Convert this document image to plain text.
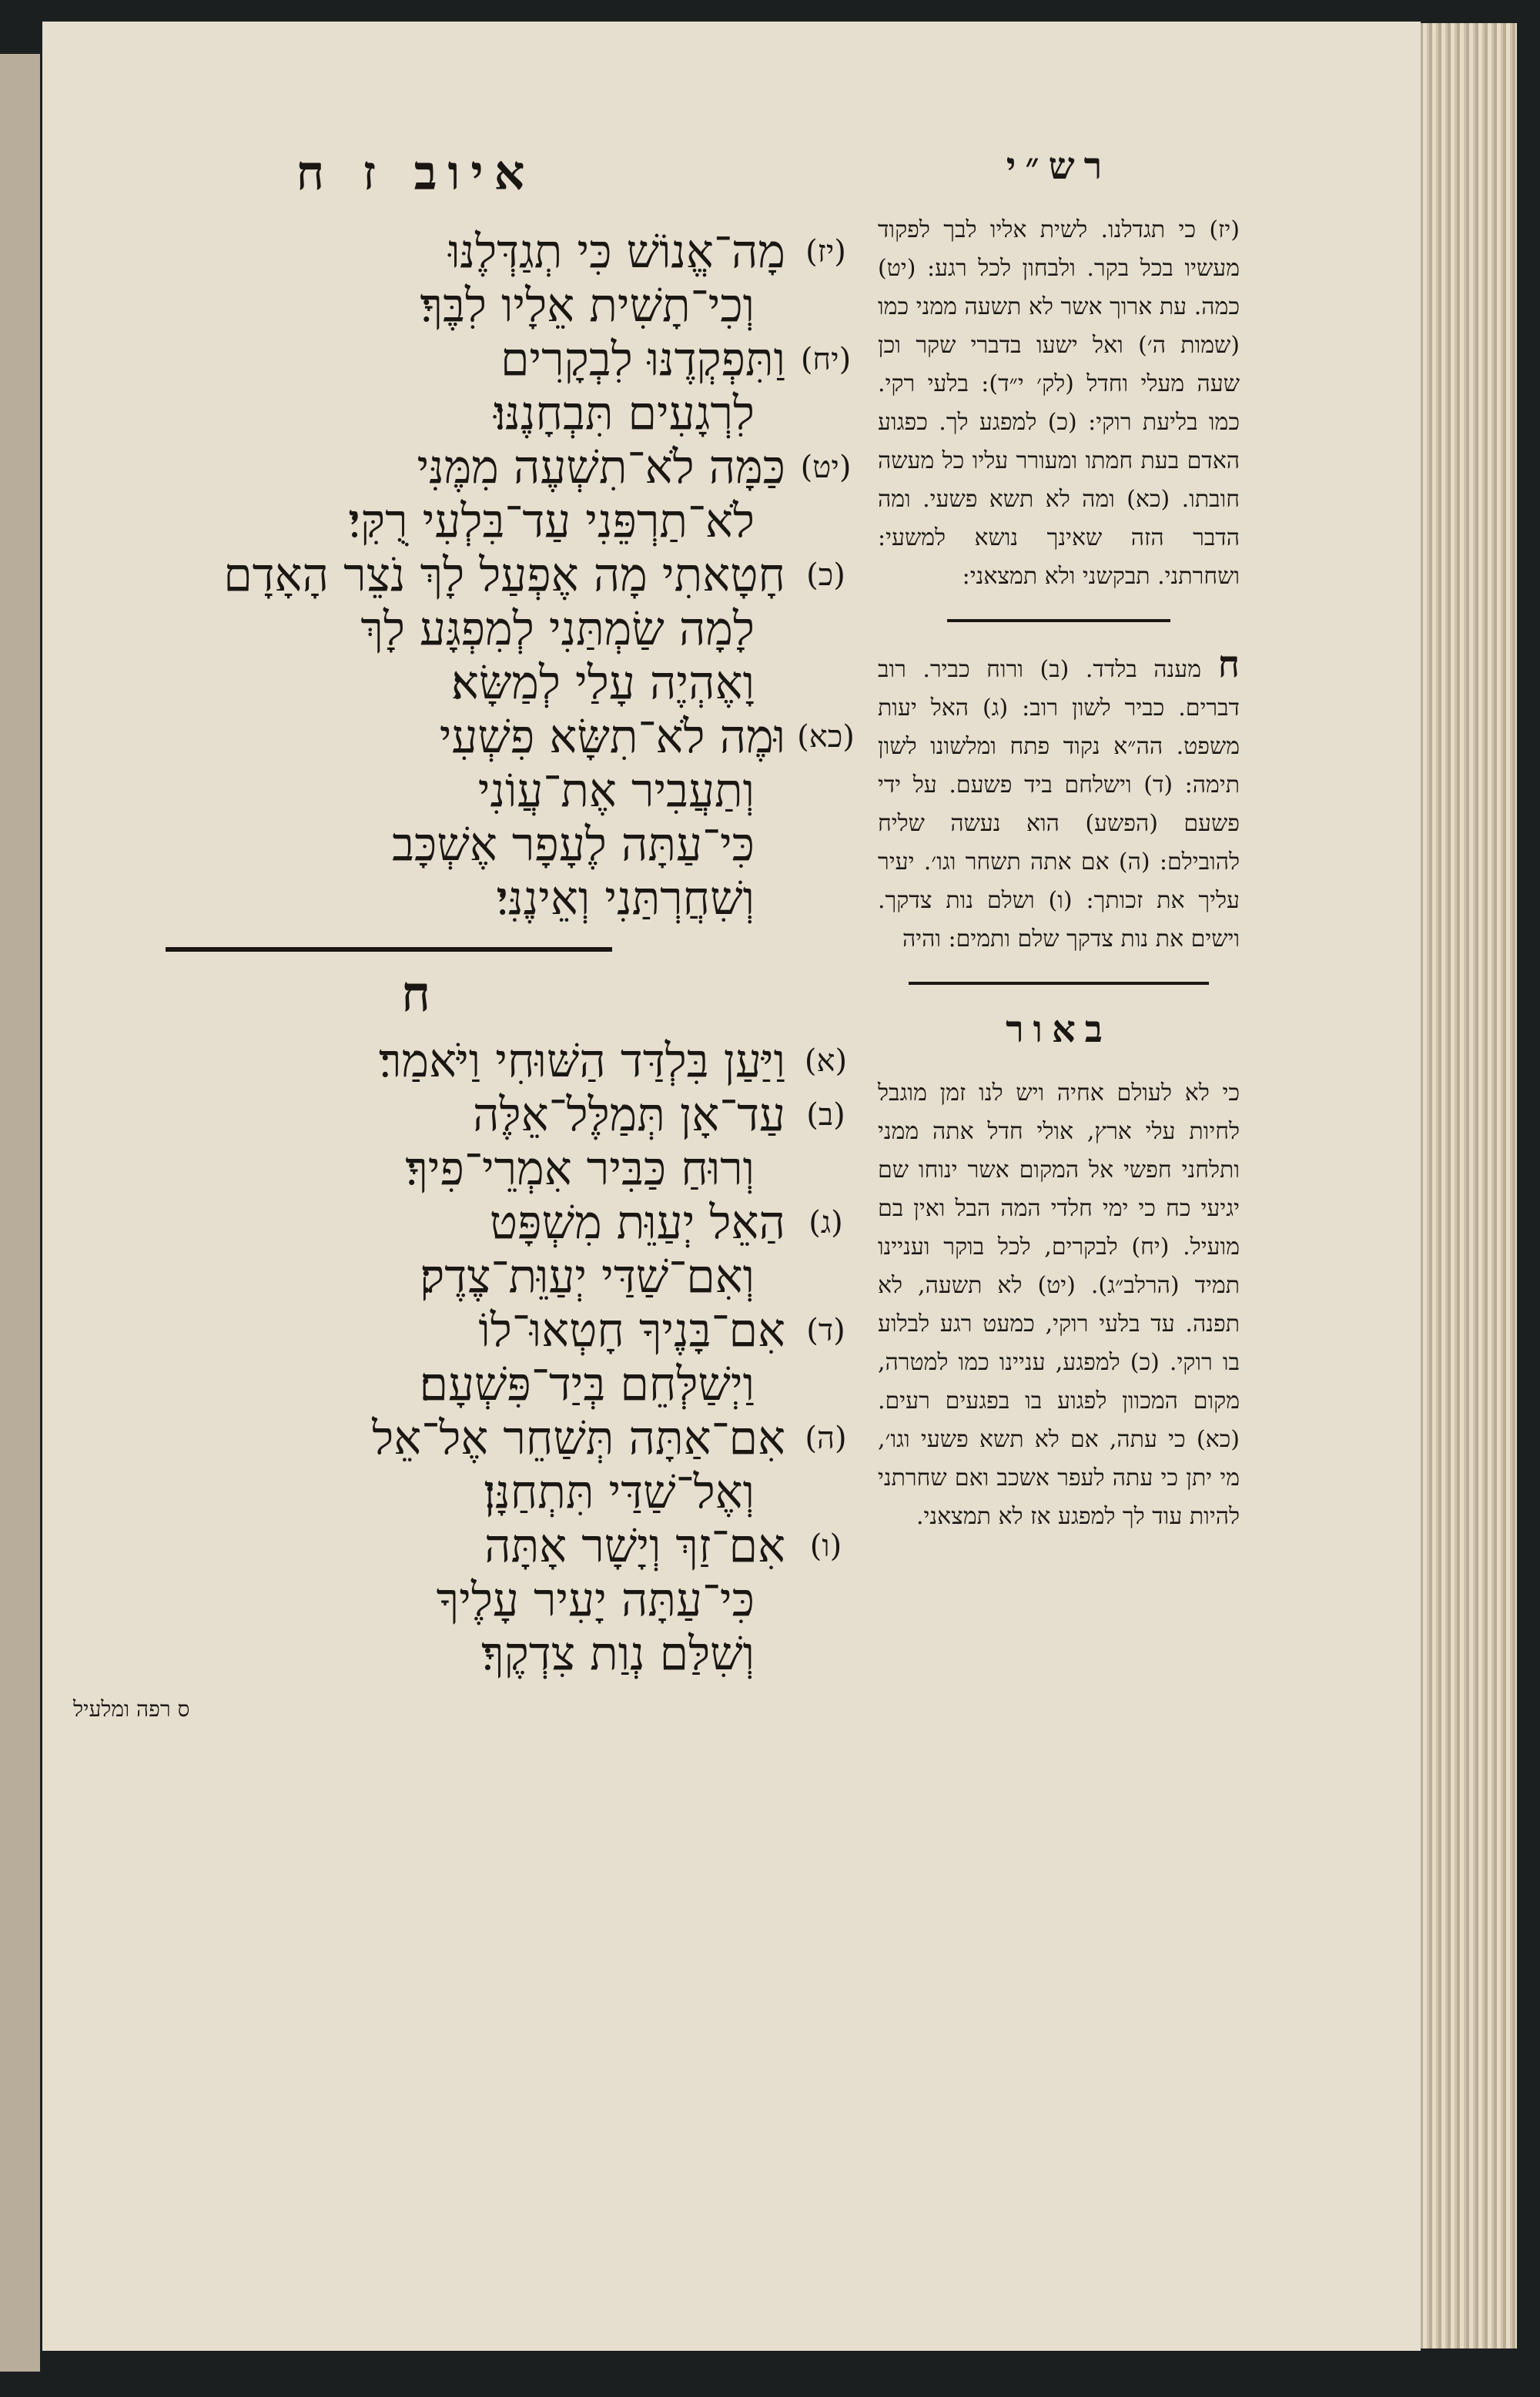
איוב ז ח
(יז)
מָה־אֱנוֹשׁ כִּי תְגַדְּלֶנּוּ
וְכִי־תָשִׁית אֵלָיו לִבֶּךָ׃
(יח)
וַתִּפְקְדֶנּוּ לִבְקָרִים
לִרְגָעִים תִּבְחָנֶנּוּ׃
(יט)
כַּמָּה לֹא־תִשְׁעֶה מִמֶּנִּי
לֹא־תַרְפֵּנִי עַד־בִּלְעִי רֻקִּי׃
(כ)
חָטָאתִי מָה אֶפְעַל לָךְ נֹצֵר הָאָדָם
לָמָה שַׂמְתַּנִי לְמִפְגָּע לָךְ
וָאֶהְיֶה עָלַי לְמַשָּׂא׃
(כא)
וּמֶה לֹא־תִשָּׂא פִשְׁעִי
וְתַעֲבִיר אֶת־עֲוֹנִי
כִּי־עַתָּה לֶעָפָר אֶשְׁכָּב
וְשִׁחֲרְתַּנִי וְאֵינֶנִּי׃
ח
(א)
וַיַּעַן בִּלְדַּד הַשּׁוּחִי וַיֹּאמַר׃
(ב)
עַד־אָן תְּמַלֶּל־אֵלֶּה
וְרוּחַ כַּבִּיר אִמְרֵי־פִיךָ׃
(ג)
הַאֵל יְעַוֵּת מִשְׁפָּט
וְאִם־שַׁדַּי יְעַוֵּת־צֶדֶק׃
(ד)
אִם־בָּנֶיךָ חָטְאוּ־לוֹ
וַיְשַׁלְּחֵם בְּיַד־פִּשְׁעָם׃
(ה)
אִם־אַתָּה תְּשַׁחֵר אֶל־אֵל
וְאֶל־שַׁדַּי תִּתְחַנָּן׃
(ו)
אִם־זַךְ וְיָשָׁר אָתָּה
כִּי־עַתָּה יָעִיר עָלֶיךָ
וְשִׁלַּם נְוַת צִדְקֶךָ׃
ס רפה ומלעיל
רש״י

(יז) כי תגדלנו. לשית אליו לבך לפקוד מעשיו בכל בקר. ולבחון לכל רגע: (יט) כמה. עת ארוך אשר לא תשעה ממני כמו (שמות ה׳) ואל ישעו בדברי שקר וכן שעה מעלי וחדל (לק׳ י״ד): בלעי רקי. כמו בליעת רוקי: (כ) למפגע לך. כפגוע האדם בעת חמתו ומעורר עליו כל מעשה חובתו. (כא) ומה לא תשא פשעי. ומה הדבר הזה שאינך נושא למשעי: ושחרתני. תבקשני ולא תמצאני:

ח מענה בלדד. (ב) ורוח כביר. רוב דברים. כביר לשון רוב: (ג) האל יעות משפט. הה״א נקוד פתח ומלשונו לשון תימה: (ד) וישלחם ביד פשעם. על ידי פשעם (הפשע) הוא נעשה שליח להובילם: (ה) אם אתה תשחר וגו׳. יעיר עליך את זכותך: (ו) ושלם נות צדקך. וישים את נות צדקך שלם ותמים: והיה

באור

כי לא לעולם אחיה ויש לנו זמן מוגבל לחיות עלי ארץ, אולי חדל אתה ממני ותלחני חפשי אל המקום אשר ינוחו שם יגיעי כח כי ימי חלדי המה הבל ואין בם מועיל. (יח) לבקרים, לכל בוקר ועניינו תמיד (הרלב״ג). (יט) לא תשעה, לא תפנה. עד בלעי רוקי, כמעט רגע לבלוע בו רוקי. (כ) למפגע, עניינו כמו למטרה, מקום המכוון לפגוע בו בפגעים רעים. (כא) כי עתה, אם לא תשא פשעי וגו׳, מי יתן כי עתה לעפר אשכב ואם שחרתני להיות עוד לך למפגע אז לא תמצאני.
